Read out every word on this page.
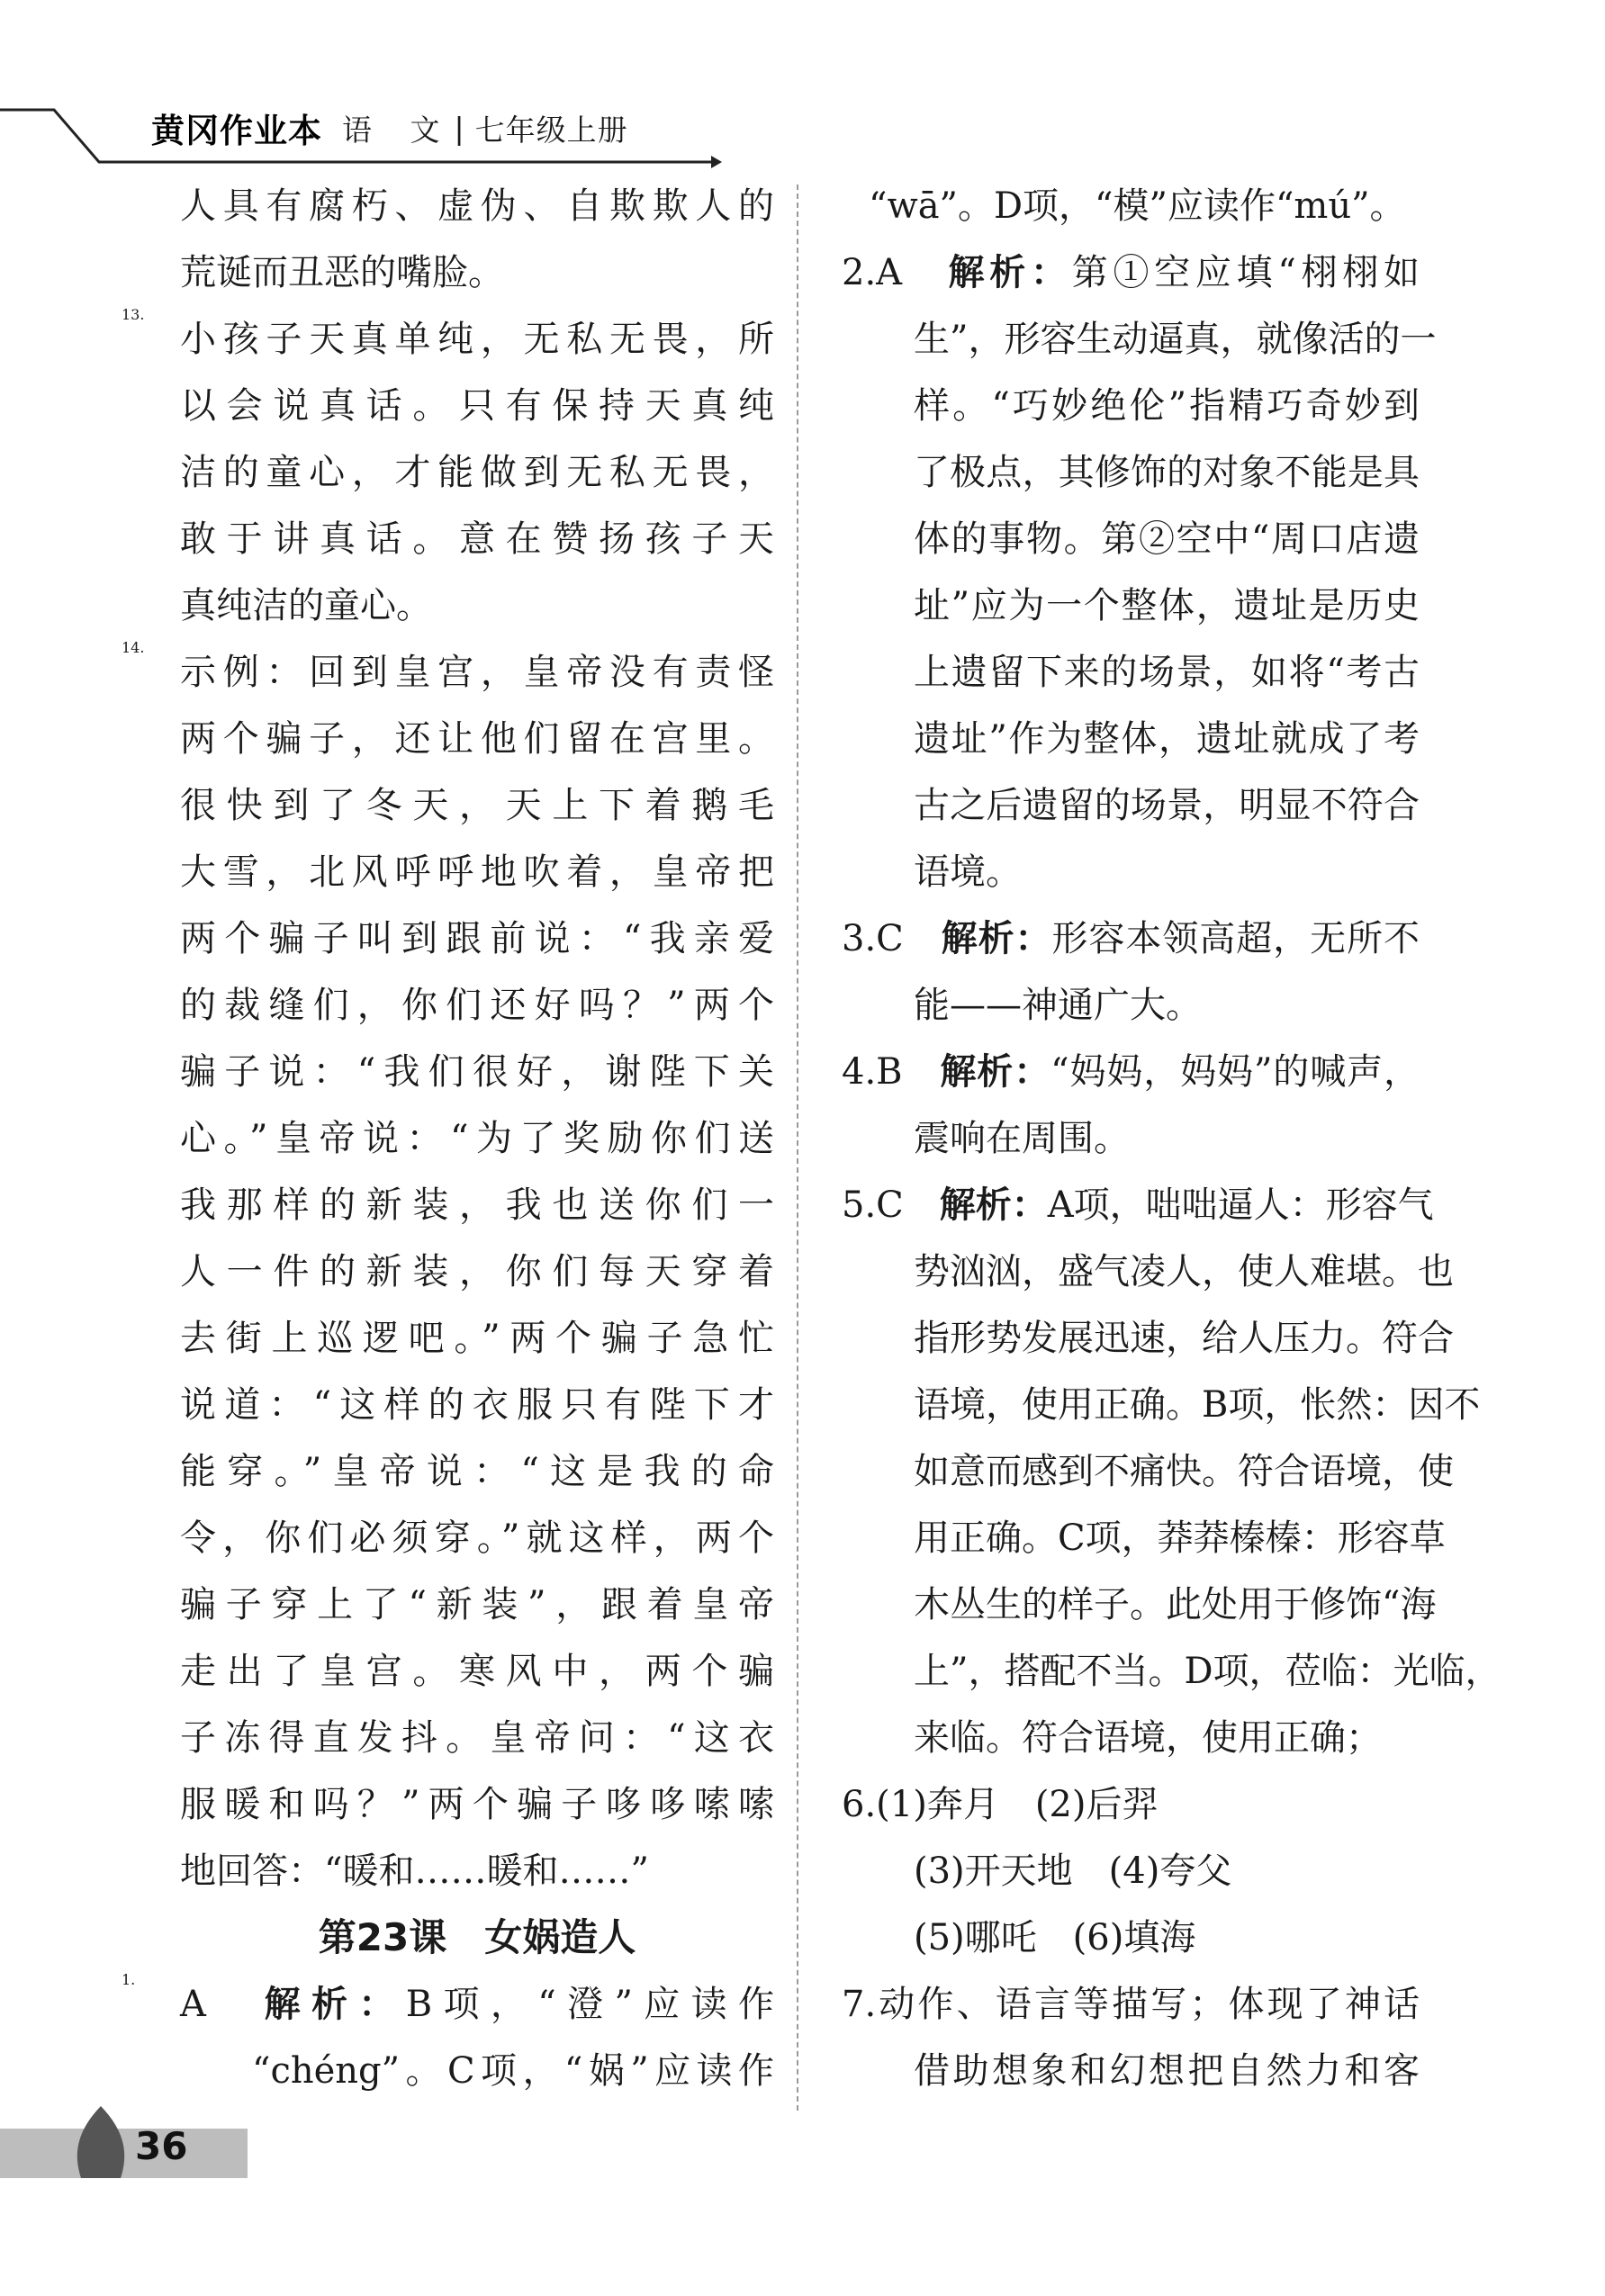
黄冈作业本 语 文 | 七年级上册
人具有腐朽、虚伪、自欺欺人的
荒诞而丑恶的嘴脸。
13.
小孩子天真单纯，无私无畏，所
以会说真话。只有保持天真纯
洁的童心，才能做到无私无畏，
敢于讲真话。意在赞扬孩子天
真纯洁的童心。
14.
示例：回到皇宫，皇帝没有责怪
两个骗子，还让他们留在宫里。
很快到了冬天，天上下着鹅毛
大雪，北风呼呼地吹着，皇帝把
两个骗子叫到跟前说：“我亲爱
的裁缝们，你们还好吗？”两个
骗子说：“我们很好，谢陛下关
心。”皇帝说：“为了奖励你们送
我那样的新装，我也送你们一
人一件的新装，你们每天穿着
去街上巡逻吧。”两个骗子急忙
说道：“这样的衣服只有陛下才
能穿。”皇帝说：“这是我的命
令，你们必须穿。”就这样，两个
骗子穿上了“新装”，跟着皇帝
走出了皇宫。寒风中，两个骗
子冻得直发抖。皇帝问：“这衣
服暖和吗？”两个骗子哆哆嗦嗦
地回答：“暖和……暖和……”
第23课　女娲造人
1.
A　 解析：B项，“澄”应读作
“chéng”。C项，“娲”应读作
“wā”。D项，“模”应读作“mú”。
2.A　 解析：第①空应填“栩栩如
生”，形容生动逼真，就像活的一
样。“巧妙绝伦”指精巧奇妙到
了极点，其修饰的对象不能是具
体的事物。第②空中“周口店遗
址”应为一个整体，遗址是历史
上遗留下来的场景，如将“考古
遗址”作为整体，遗址就成了考
古之后遗留的场景，明显不符合
语境。
3.C　 解析：形容本领高超，无所不
能——神通广大。
4.B　 解析：“妈妈，妈妈”的喊声，
震响在周围。
5.C　 解析：A项，咄咄逼人：形容气
势汹汹，盛气凌人，使人难堪。也
指形势发展迅速，给人压力。符合
语境，使用正确。B项，怅然：因不
如意而感到不痛快。符合语境，使
用正确。C项，莽莽榛榛：形容草
木丛生的样子。此处用于修饰“海
上”，搭配不当。D项，莅临：光临，
来临。符合语境，使用正确；
6.(1)奔月　(2)后羿
(3)开天地　(4)夸父
(5)哪吒　(6)填海
7.动作、语言等描写；体现了神话
借助想象和幻想把自然力和客
36
